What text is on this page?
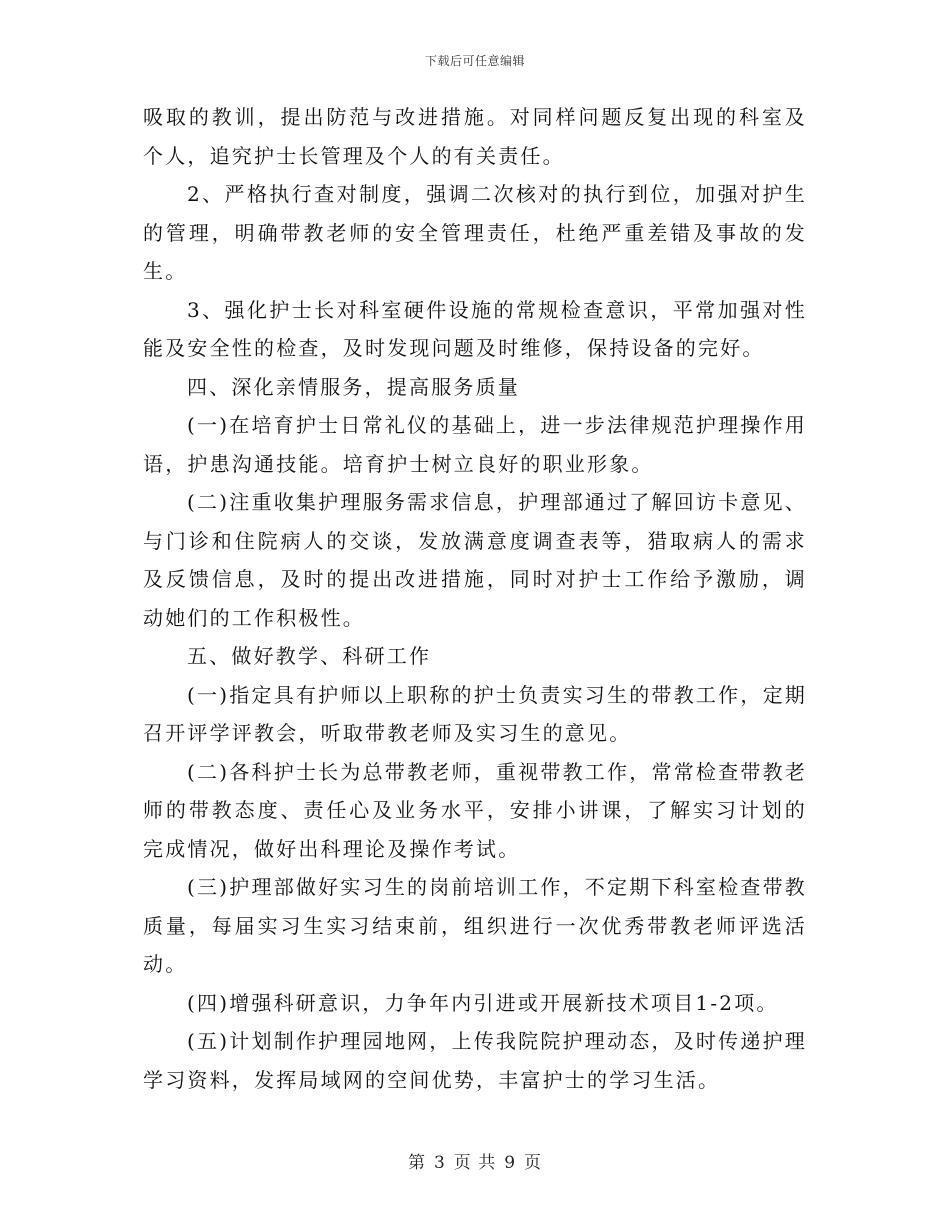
下载后可任意编辑

吸取的教训，提出防范与改进措施。对同样问题反复出现的科室及个人，追究护士长管理及个人的有关责任。

2、严格执行查对制度，强调二次核对的执行到位，加强对护生的管理，明确带教老师的安全管理责任，杜绝严重差错及事故的发生。

3、强化护士长对科室硬件设施的常规检查意识，平常加强对性能及安全性的检查，及时发现问题及时维修，保持设备的完好。

四、深化亲情服务，提高服务质量

(一)在培育护士日常礼仪的基础上，进一步法律规范护理操作用语，护患沟通技能。培育护士树立良好的职业形象。

(二)注重收集护理服务需求信息，护理部通过了解回访卡意见、与门诊和住院病人的交谈，发放满意度调查表等，猎取病人的需求及反馈信息，及时的提出改进措施，同时对护士工作给予激励，调动她们的工作积极性。

五、做好教学、科研工作

(一)指定具有护师以上职称的护士负责实习生的带教工作，定期召开评学评教会，听取带教老师及实习生的意见。

(二)各科护士长为总带教老师，重视带教工作，常常检查带教老师的带教态度、责任心及业务水平，安排小讲课，了解实习计划的完成情况，做好出科理论及操作考试。

(三)护理部做好实习生的岗前培训工作，不定期下科室检查带教质量，每届实习生实习结束前，组织进行一次优秀带教老师评选活动。

(四)增强科研意识，力争年内引进或开展新技术项目1-2项。

(五)计划制作护理园地网，上传我院院护理动态，及时传递护理学习资料，发挥局域网的空间优势，丰富护士的学习生活。

第 3 页 共 9 页
